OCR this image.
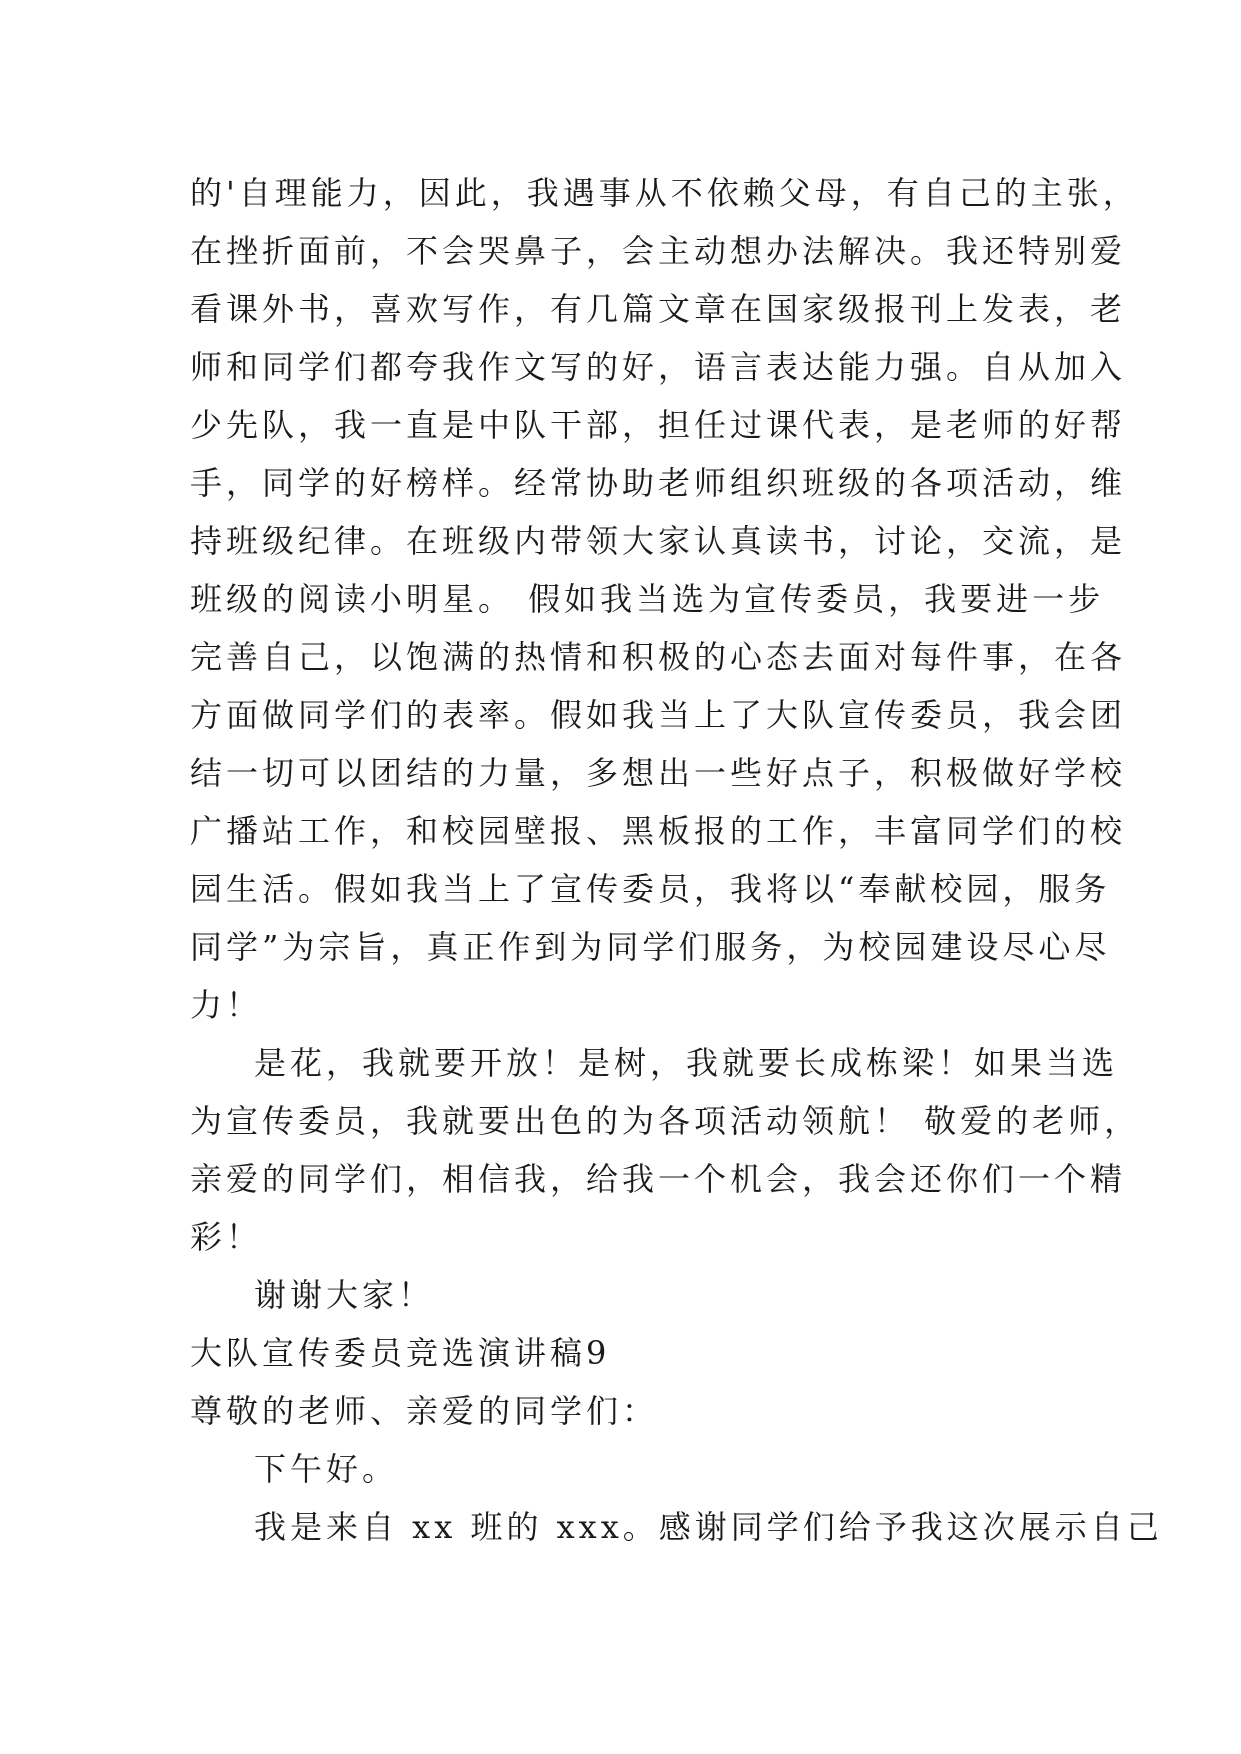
的'自理能力，因此，我遇事从不依赖父母，有自己的主张，
在挫折面前，不会哭鼻子，会主动想办法解决。我还特别爱
看课外书，喜欢写作，有几篇文章在国家级报刊上发表，老
师和同学们都夸我作文写的好，语言表达能力强。自从加入
少先队，我一直是中队干部，担任过课代表，是老师的好帮
手，同学的好榜样。经常协助老师组织班级的各项活动，维
持班级纪律。在班级内带领大家认真读书，讨论，交流，是
班级的阅读小明星。 假如我当选为宣传委员，我要进一步
完善自己，以饱满的热情和积极的心态去面对每件事，在各
方面做同学们的表率。假如我当上了大队宣传委员，我会团
结一切可以团结的力量，多想出一些好点子，积极做好学校
广播站工作，和校园壁报、黑板报的工作，丰富同学们的校
园生活。假如我当上了宣传委员，我将以“奉献校园，服务
同学”为宗旨，真正作到为同学们服务，为校园建设尽心尽
力！
是花，我就要开放！是树，我就要长成栋梁！如果当选
为宣传委员，我就要出色的为各项活动领航！ 敬爱的老师，
亲爱的同学们，相信我，给我一个机会，我会还你们一个精
彩！
谢谢大家！
大队宣传委员竞选演讲稿9
尊敬的老师、亲爱的同学们：
下午好。
我是来自 xx 班的 xxx。感谢同学们给予我这次展示自己
